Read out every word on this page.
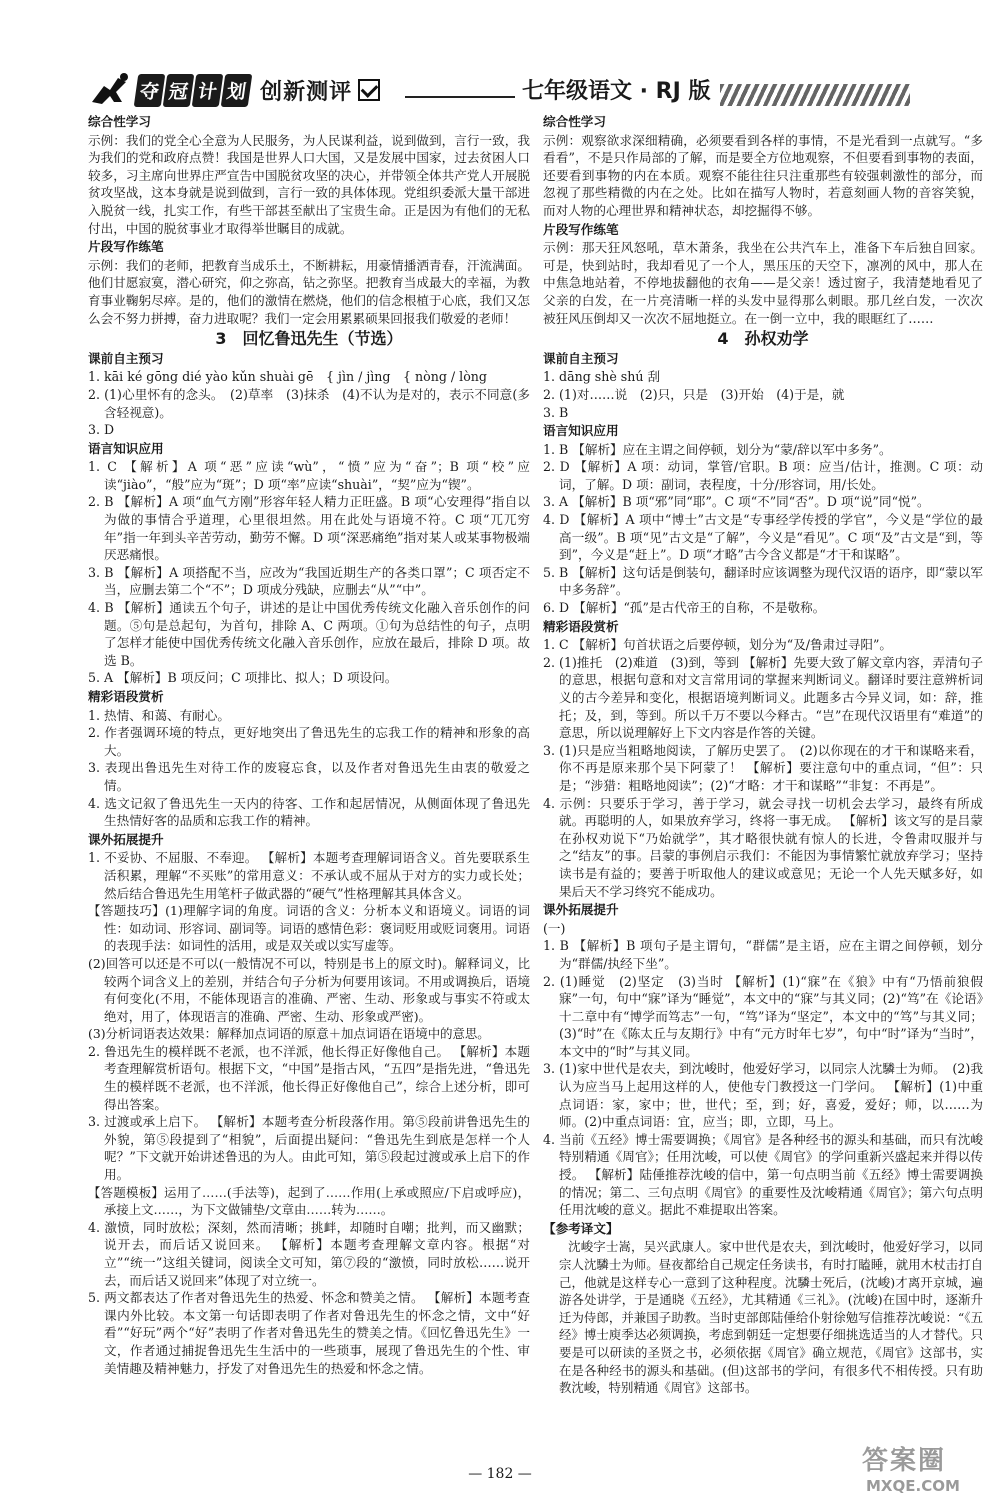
夺 冠 计 划 创新测评	七年级语文 · RJ 版
综合性学习
示例：我们的党全心全意为人民服务，为人民谋利益，说到做到，言行一致，我为我们的党和政府点赞！我国是世界人口大国，又是发展中国家，过去贫困人口较多，习主席向世界庄严宣告中国脱贫攻坚的决心，并带领全体共产党人开展脱贫攻坚战，这本身就是说到做到，言行一致的具体体现。党组织委派大量干部进入脱贫一线，扎实工作，有些干部甚至献出了宝贵生命。正是因为有他们的无私付出，中国的脱贫事业才取得举世瞩目的成就。
片段写作练笔
示例：我们的老师，把教育当成乐土，不断耕耘，用豪情播洒青春，汗流满面。他们甘愿寂寞，潜心研究，仰之弥高，钻之弥坚。把教育当成最大的幸福，为教育事业鞠躬尽瘁。是的，他们的激情在燃烧，他们的信念根植于心底，我们又怎么会不努力拼搏，奋力进取呢？我们一定会用累累硕果回报我们敬爱的老师！
3　回忆鲁迅先生（节选）
课前自主预习
1. kāi ké gōng dié yào kǔn shuài gē　{ jìn / jìng　{ nòng / lòng
2. (1)心里怀有的念头。　(2)草率　(3)抹杀　(4)不认为是对的，表示不同意(多含轻视意)。
3. D
语言知识应用
1. C 【解析】A 项“恶”应读“wù”，“愤”应为“奋”；B 项“校”应读“jiào”，“般”应为“斑”；D 项“率”应读“shuài”，“契”应为“锲”。
2. B 【解析】A 项“血气方刚”形容年轻人精力正旺盛。B 项“心安理得”指自以为做的事情合乎道理，心里很坦然。用在此处与语境不符。C 项“兀兀穷年”指一年到头辛苦劳动，勤劳不懈。D 项“深恶痛绝”指对某人或某事物极端厌恶痛恨。
3. B 【解析】A 项搭配不当，应改为“我国近期生产的各类口罩”；C 项否定不当，应删去第二个“不”；D 项成分残缺，应删去“从”“中”。
4. B 【解析】通读五个句子，讲述的是让中国优秀传统文化融入音乐创作的问题。⑤句是总起句，为首句，排除 A、C 两项。①句为总结性的句子，点明了怎样才能使中国优秀传统文化融入音乐创作，应放在最后，排除 D 项。故选 B。
5. A 【解析】B 项反问；C 项排比、拟人；D 项设问。
精彩语段赏析
1. 热情、和蔼、有耐心。
2. 作者强调环境的特点，更好地突出了鲁迅先生的忘我工作的精神和形象的高大。
3. 表现出鲁迅先生对待工作的废寝忘食，以及作者对鲁迅先生由衷的敬爱之情。
4. 选文记叙了鲁迅先生一天内的待客、工作和起居情况，从侧面体现了鲁迅先生热情好客的品质和忘我工作的精神。
课外拓展提升
1. 不妥协、不屈服、不奉迎。 【解析】本题考查理解词语含义。首先要联系生活积累，理解“不买账”的常用意义：不承认或不屈从于对方的实力或长处；然后结合鲁迅先生用笔杆子做武器的“硬气”性格理解其具体含义。
【答题技巧】(1)理解字词的角度。词语的含义：分析本义和语境义。词语的词性：如动词、形容词、副词等。词语的感情色彩：褒词贬用或贬词褒用。词语的表现手法：如词性的活用，或是双关或以实写虚等。
(2)回答可以还是不可以(一般情况不可以，特别是书上的原文时)。解释词义，比较两个词含义上的差别，并结合句子分析为何要用该词。不用或调换后，语境有何变化(不用，不能体现语言的准确、严密、生动、形象或与事实不符或太绝对，用了，体现语言的准确、严密、生动、形象或严密)。
(3)分析词语表达效果：解释加点词语的原意＋加点词语在语境中的意思。
2. 鲁迅先生的模样既不老派，也不洋派，他长得正好像他自己。 【解析】本题考查理解赏析语句。根据下文，“中国”是指古风，“五四”是指先进，“鲁迅先生的模样既不老派，也不洋派，他长得正好像他自己”，综合上述分析，即可得出答案。
3. 过渡或承上启下。 【解析】本题考查分析段落作用。第⑤段前讲鲁迅先生的外貌，第⑤段提到了“相貌”，后面提出疑问：“鲁迅先生到底是怎样一个人呢？”下文就开始讲述鲁迅的为人。由此可知，第⑤段起过渡或承上启下的作用。
【答题模板】运用了……(手法等)，起到了……作用(上承或照应/下启或呼应)，承接上文……，为下文做铺垫/文章由……转为……。
4. 激愤，同时放松；深刻，然而清晰；挑衅，却随时自嘲；批判，而又幽默；说开去，而后话又说回来。 【解析】本题考查理解文章内容。根据“对立”“统一”这组关键词，阅读全文可知，第⑦段的“激愤，同时放松……说开去，而后话又说回来”体现了对立统一。
5. 两文都表达了作者对鲁迅先生的热爱、怀念和赞美之情。 【解析】本题考查课内外比较。本文第一句话即表明了作者对鲁迅先生的怀念之情，文中“好看”“好玩”两个“好”表明了作者对鲁迅先生的赞美之情。《回忆鲁迅先生》一文，作者通过捕捉鲁迅先生生活中的一些琐事，展现了鲁迅先生的个性、审美情趣及精神魅力，抒发了对鲁迅先生的热爱和怀念之情。
综合性学习
示例：观察欲求深细精确，必须要看到各样的事情，不是光看到一点就写。“多看看”，不是只作局部的了解，而是要全方位地观察，不但要看到事物的表面，还要看到事物的内在本质。观察不能往往只注重那些有较强刺激性的部分，而忽视了那些精微的内在之处。比如在描写人物时，若意刻画人物的音容笑貌，而对人物的心理世界和精神状态，却挖掘得不够。
片段写作练笔
示例：那天狂风怒吼，草木萧条，我坐在公共汽车上，准备下车后独自回家。可是，快到站时，我却看见了一个人，黑压压的天空下，凛冽的风中，那人在中焦急地站着，不停地拔翻他的衣角——是父亲！透过窗子，我清楚地看见了父亲的白发，在一片亮清晰一样的头发中显得那么刺眼。那几丝白发，一次次被狂风压倒却又一次次不屈地挺立。在一倒一立中，我的眼眶红了……
4　孙权劝学
课前自主预习
1. dāng shè shú 刮
2. (1)对……说　(2)只，只是　(3)开始　(4)于是，就
3. B
语言知识应用
1. B 【解析】应在主谓之间停顿，划分为“蒙/辞以军中多务”。
2. D 【解析】A 项：动词，掌管/官职。B 项：应当/估计，推测。C 项：动词，了解。D 项：副词，表程度，十分/形容词，用/长处。
3. A 【解析】B 项“邪”同“耶”。C 项“不”同“否”。D 项“说”同“悦”。
4. D 【解析】A 项中“博士”古文是“专事经学传授的学官”，今义是“学位的最高一级”。B 项“见”古文是“了解”，今义是“看见”。C 项“及”古文是“到，等到”，今义是“赶上”。D 项“才略”古今含义都是“才干和谋略”。
5. B 【解析】这句话是倒装句，翻译时应该调整为现代汉语的语序，即“蒙以军中多务辞”。
6. D 【解析】“孤”是古代帝王的自称，不是敬称。
精彩语段赏析
1. C 【解析】句首状语之后要停顿，划分为“及/鲁肃过寻阳”。
2. (1)推托　(2)难道　(3)到，等到 【解析】先要大致了解文章内容，弄清句子的意思，根据句意和对文言常用词的掌握来判断词义。翻译时要注意辨析词义的古今差异和变化，根据语境判断词义。此题多古今异义词，如：辞，推托；及，到，等到。所以千万不要以今释古。“岂”在现代汉语里有“难道”的意思，所以说理解好上下文内容是作答的关键。
3. (1)只是应当粗略地阅读，了解历史罢了。　(2)以你现在的才干和谋略来看，你不再是原来那个吴下阿蒙了！ 【解析】要注意句中的重点词，“但”：只是；“涉猎：粗略地阅读”；(2)“才略：才干和谋略”“非复：不再是”。
4. 示例：只要乐于学习，善于学习，就会寻找一切机会去学习，最终有所成就。再聪明的人，如果放弃学习，终将一事无成。 【解析】该文写的是吕蒙在孙权劝说下“乃始就学”，其才略很快就有惊人的长进，令鲁肃叹服并与之“结友”的事。吕蒙的事例启示我们：不能因为事情繁忙就放弃学习；坚持读书是有益的；要善于听取他人的建议或意见；无论一个人先天赋多好，如果后天不学习终究不能成功。
课外拓展提升
(一)
1. B 【解析】B 项句子是主谓句，“群儒”是主语，应在主谓之间停顿，划分为“群儒/执经下坐”。
2. (1)睡觉　(2)坚定　(3)当时 【解析】(1)“寐”在《狼》中有“乃悟前狼假寐”一句，句中“寐”译为“睡觉”，本文中的“寐”与其义同；(2)“笃”在《论语》十二章中有“博学而笃志”一句，“笃”译为“坚定”，本文中的“笃”与其义同；(3)“时”在《陈太丘与友期行》中有“元方时年七岁”，句中“时”译为“当时”，本文中的“时”与其义同。
3. (1)家中世代是农夫，到沈峻时，他爱好学习，以同宗人沈驎士为师。　(2)我认为应当马上起用这样的人，使他专门教授这一门学问。 【解析】(1)中重点词语：家，家中；世，世代；至，到；好，喜爱，爱好；师，以……为师。(2)中重点词语：宜，应当；即，立即，马上。
4. 当前《五经》博士需要调换；《周官》是各种经书的源头和基础，而只有沈峻特别精通《周官》；任用沈峻，可以使《周官》的学问重新兴盛起来并得以传授。 【解析】陆倕推荐沈峻的信中，第一句点明当前《五经》博士需要调换的情况；第二、三句点明《周官》的重要性及沈峻精通《周官》；第六句点明任用沈峻的意义。据此不难提取出答案。
【参考译文】
　　沈峻字士嵩，吴兴武康人。家中世代是农夫，到沈峻时，他爱好学习，以同宗人沈驎士为师。昼夜都给自己规定任务读书，有时打瞌睡，就用木杖击打自己，他就是这样专心一意到了这种程度。沈驎士死后，(沈峻)才离开京城，遍游各处讲学，于是通晓《五经》，尤其精通《三礼》。(沈峻)在国中时，逐渐升迁为侍郎，并兼国子助教。当时吏部郎陆倕给仆射徐勉写信推荐沈峻说：“《五经》博士庾季达必须调换，考虑到朝廷一定想要仔细挑选适当的人才替代。只要是可以研读的圣贤之书，必须依据《周官》确立规范，《周官》这部书，实在是各种经书的源头和基础。(但)这部书的学问，有很多代不相传授。只有助教沈峻，特别精通《周官》这部书。
— 182 —	答案圈
MXQE.COM
